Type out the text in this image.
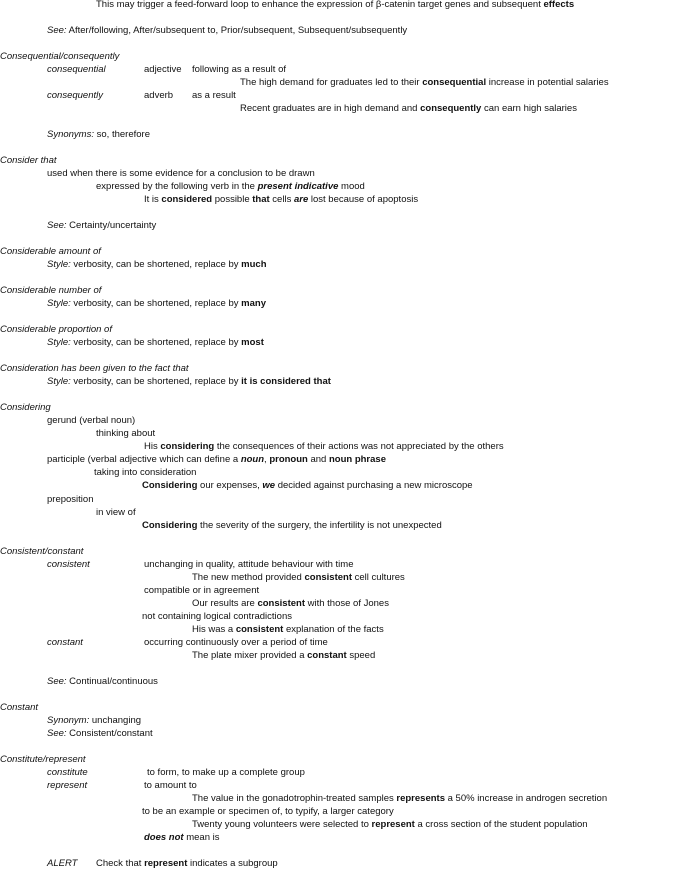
This may trigger a feed-forward loop to enhance the expression of β-catenin target genes and subsequent effects
See: After/following, After/subsequent to, Prior/subsequent, Subsequent/subsequently
Consequential/consequently
consequential	adjective following as a result of
The high demand for graduates led to their consequential increase in potential salaries
consequently	adverb as a result
Recent graduates are in high demand and consequently can earn high salaries
Synonyms: so, therefore
Consider that
used when there is some evidence for a conclusion to be drawn
expressed by the following verb in the present indicative mood
It is considered possible that cells are lost because of apoptosis
See: Certainty/uncertainty
Considerable amount of
Style: verbosity, can be shortened, replace by much
Considerable number of
Style: verbosity, can be shortened, replace by many
Considerable proportion of
Style: verbosity, can be shortened, replace by most
Consideration has been given to the fact that
Style: verbosity, can be shortened, replace by it is considered that
Considering
gerund (verbal noun)
thinking about
His considering the consequences of their actions was not appreciated by the others
participle (verbal adjective which can define a noun, pronoun and noun phrase
taking into consideration
Considering our expenses, we decided against purchasing a new microscope
preposition
in view of
Considering the severity of the surgery, the infertility is not unexpected
Consistent/constant
consistent	unchanging in quality, attitude behaviour with time
The new method provided consistent cell cultures
compatible or in agreement
Our results are consistent with those of Jones
not containing logical contradictions
His was a consistent explanation of the facts
constant	occurring continuously over a period of time
The plate mixer provided a constant speed
See: Continual/continuous
Constant
Synonym: unchanging
See: Consistent/constant
Constitute/represent
constitute	to form, to make up a complete group
represent	to amount to
The value in the gonadotrophin-treated samples represents a 50% increase in androgen secretion
to be an example or specimen of, to typify, a larger category
Twenty young volunteers were selected to represent a cross section of the student population
does not mean is
ALERT Check that represent indicates a subgroup
